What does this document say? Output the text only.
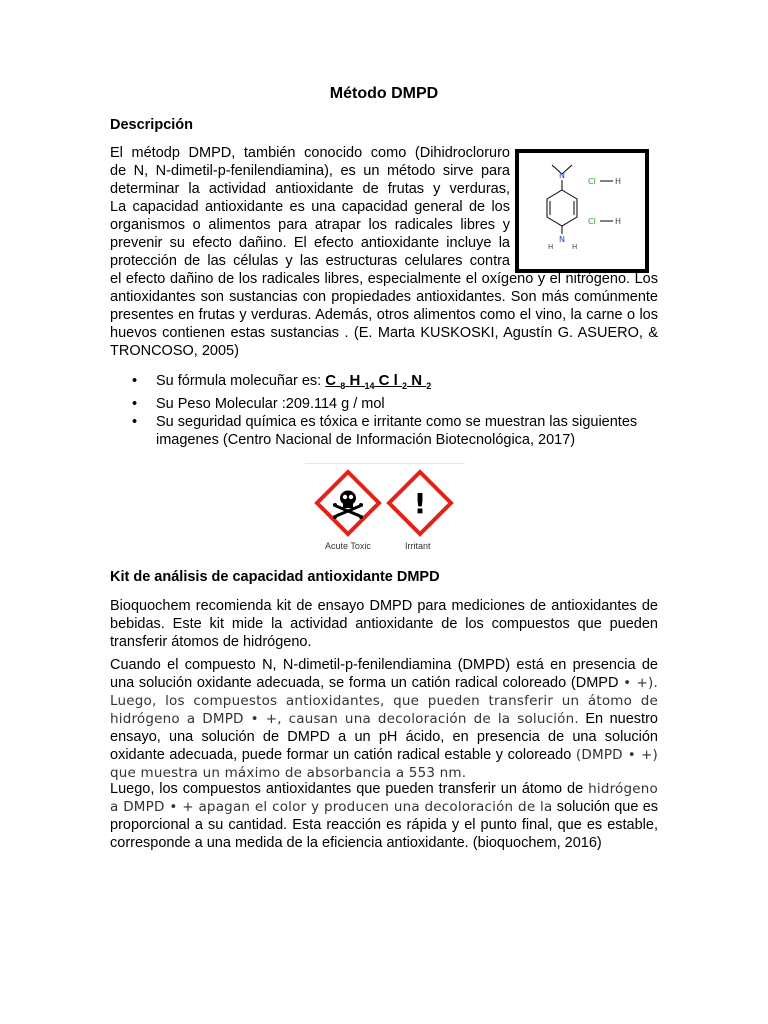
Método DMPD
Descripción

El métodp DMPD, también conocido como (Dihidrocloruro
de N, N-dimetil-p-fenilendiamina), es un método sirve para
determinar la actividad antioxidante de frutas y verduras,
La capacidad antioxidante es una capacidad general de los
organismos o alimentos para atrapar los radicales libres y
prevenir su efecto dañino. El efecto antioxidante incluye la
protección de las células y las estructuras celulares contra

N
N
H	H
Cl H
Cl H

el efecto dañino de los radicales libres, especialmente el oxígeno y el nitrógeno. Los antioxidantes son sustancias con propiedades antioxidantes. Son más comúnmente presentes en frutas y verduras. Además, otros alimentos como el vino, la carne o los huevos contienen estas sustancias . (E. Marta KUSKOSKI, Agustín G. ASUERO, & TRONCOSO, 2005)

• Su fórmula molecuñar es: C $_8$ H $_{14}$ C l $_2$ N $_2$
• Su Peso Molecular :209.114 g / mol
• Su seguridad química es tóxica e irritante como se muestran las siguientes imagenes (Centro Nacional de Información Biotecnológica, 2017)
!
Acute Toxic	Irritant
Kit de análisis de capacidad antioxidante DMPD

Bioquochem recomienda kit de ensayo DMPD para mediciones de antioxidantes de bebidas. Este kit mide la actividad antioxidante de los compuestos que pueden transferir átomos de hidrógeno.

Cuando el compuesto N, N-dimetil-p-fenilendiamina (DMPD) está en presencia de una solución oxidante adecuada, se forma un catión radical coloreado (DMPD • +). Luego, los compuestos antioxidantes, que pueden transferir un átomo de hidrógeno a DMPD • +, causan una decoloración de la solución. En nuestro ensayo, una solución de DMPD a un pH ácido, en presencia de una solución oxidante adecuada, puede formar un catión radical estable y coloreado (DMPD • +) que muestra un máximo de absorbancia a 553 nm.

Luego, los compuestos antioxidantes que pueden transferir un átomo de hidrógeno a DMPD • + apagan el color y producen una decoloración de la solución que es proporcional a su cantidad. Esta reacción es rápida y el punto final, que es estable, corresponde a una medida de la eficiencia antioxidante. (bioquochem, 2016)
